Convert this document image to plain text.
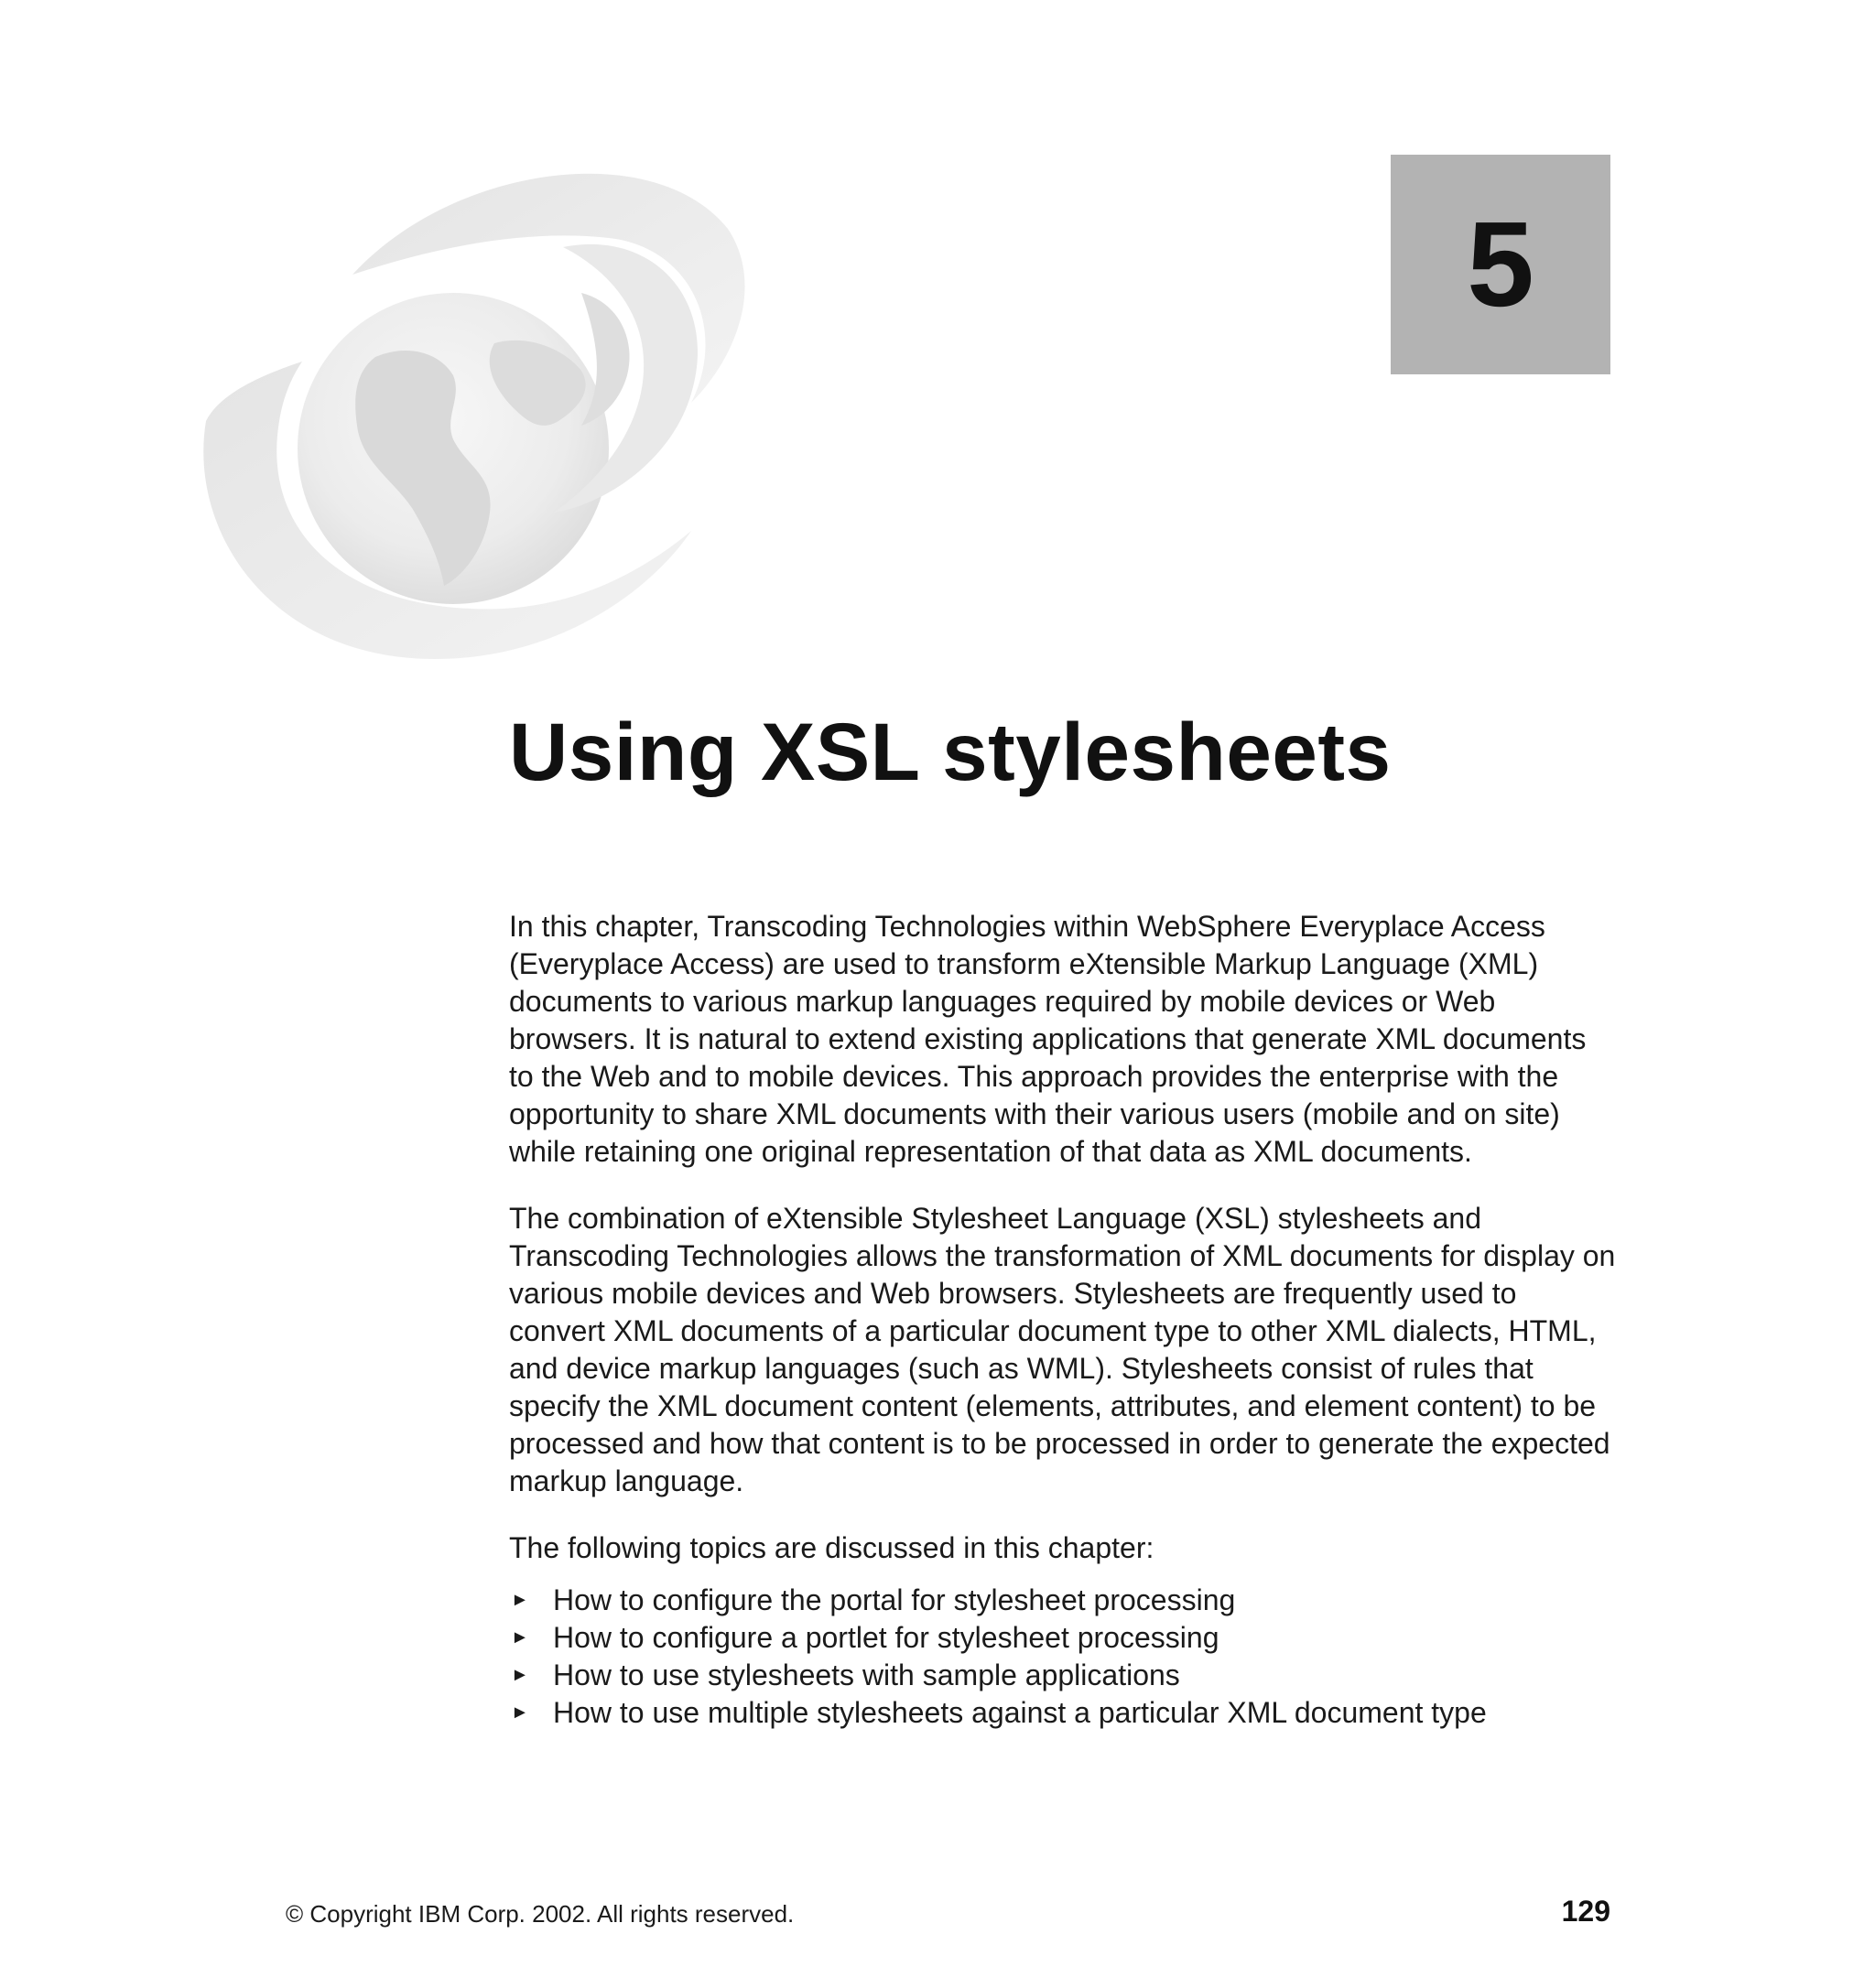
5
Using XSL stylesheets

In this chapter, Transcoding Technologies within WebSphere Everyplace Access (Everyplace Access) are used to transform eXtensible Markup Language (XML) documents to various markup languages required by mobile devices or Web browsers. It is natural to extend existing applications that generate XML documents to the Web and to mobile devices. This approach provides the enterprise with the opportunity to share XML documents with their various users (mobile and on site) while retaining one original representation of that data as XML documents.

The combination of eXtensible Stylesheet Language (XSL) stylesheets and Transcoding Technologies allows the transformation of XML documents for display on various mobile devices and Web browsers. Stylesheets are frequently used to convert XML documents of a particular document type to other XML dialects, HTML, and device markup languages (such as WML). Stylesheets consist of rules that specify the XML document content (elements, attributes, and element content) to be processed and how that content is to be processed in order to generate the expected markup language.

The following topics are discussed in this chapter:

► How to configure the portal for stylesheet processing
► How to configure a portlet for stylesheet processing
► How to use stylesheets with sample applications
► How to use multiple stylesheets against a particular XML document type
© Copyright IBM Corp. 2002. All rights reserved.	129
